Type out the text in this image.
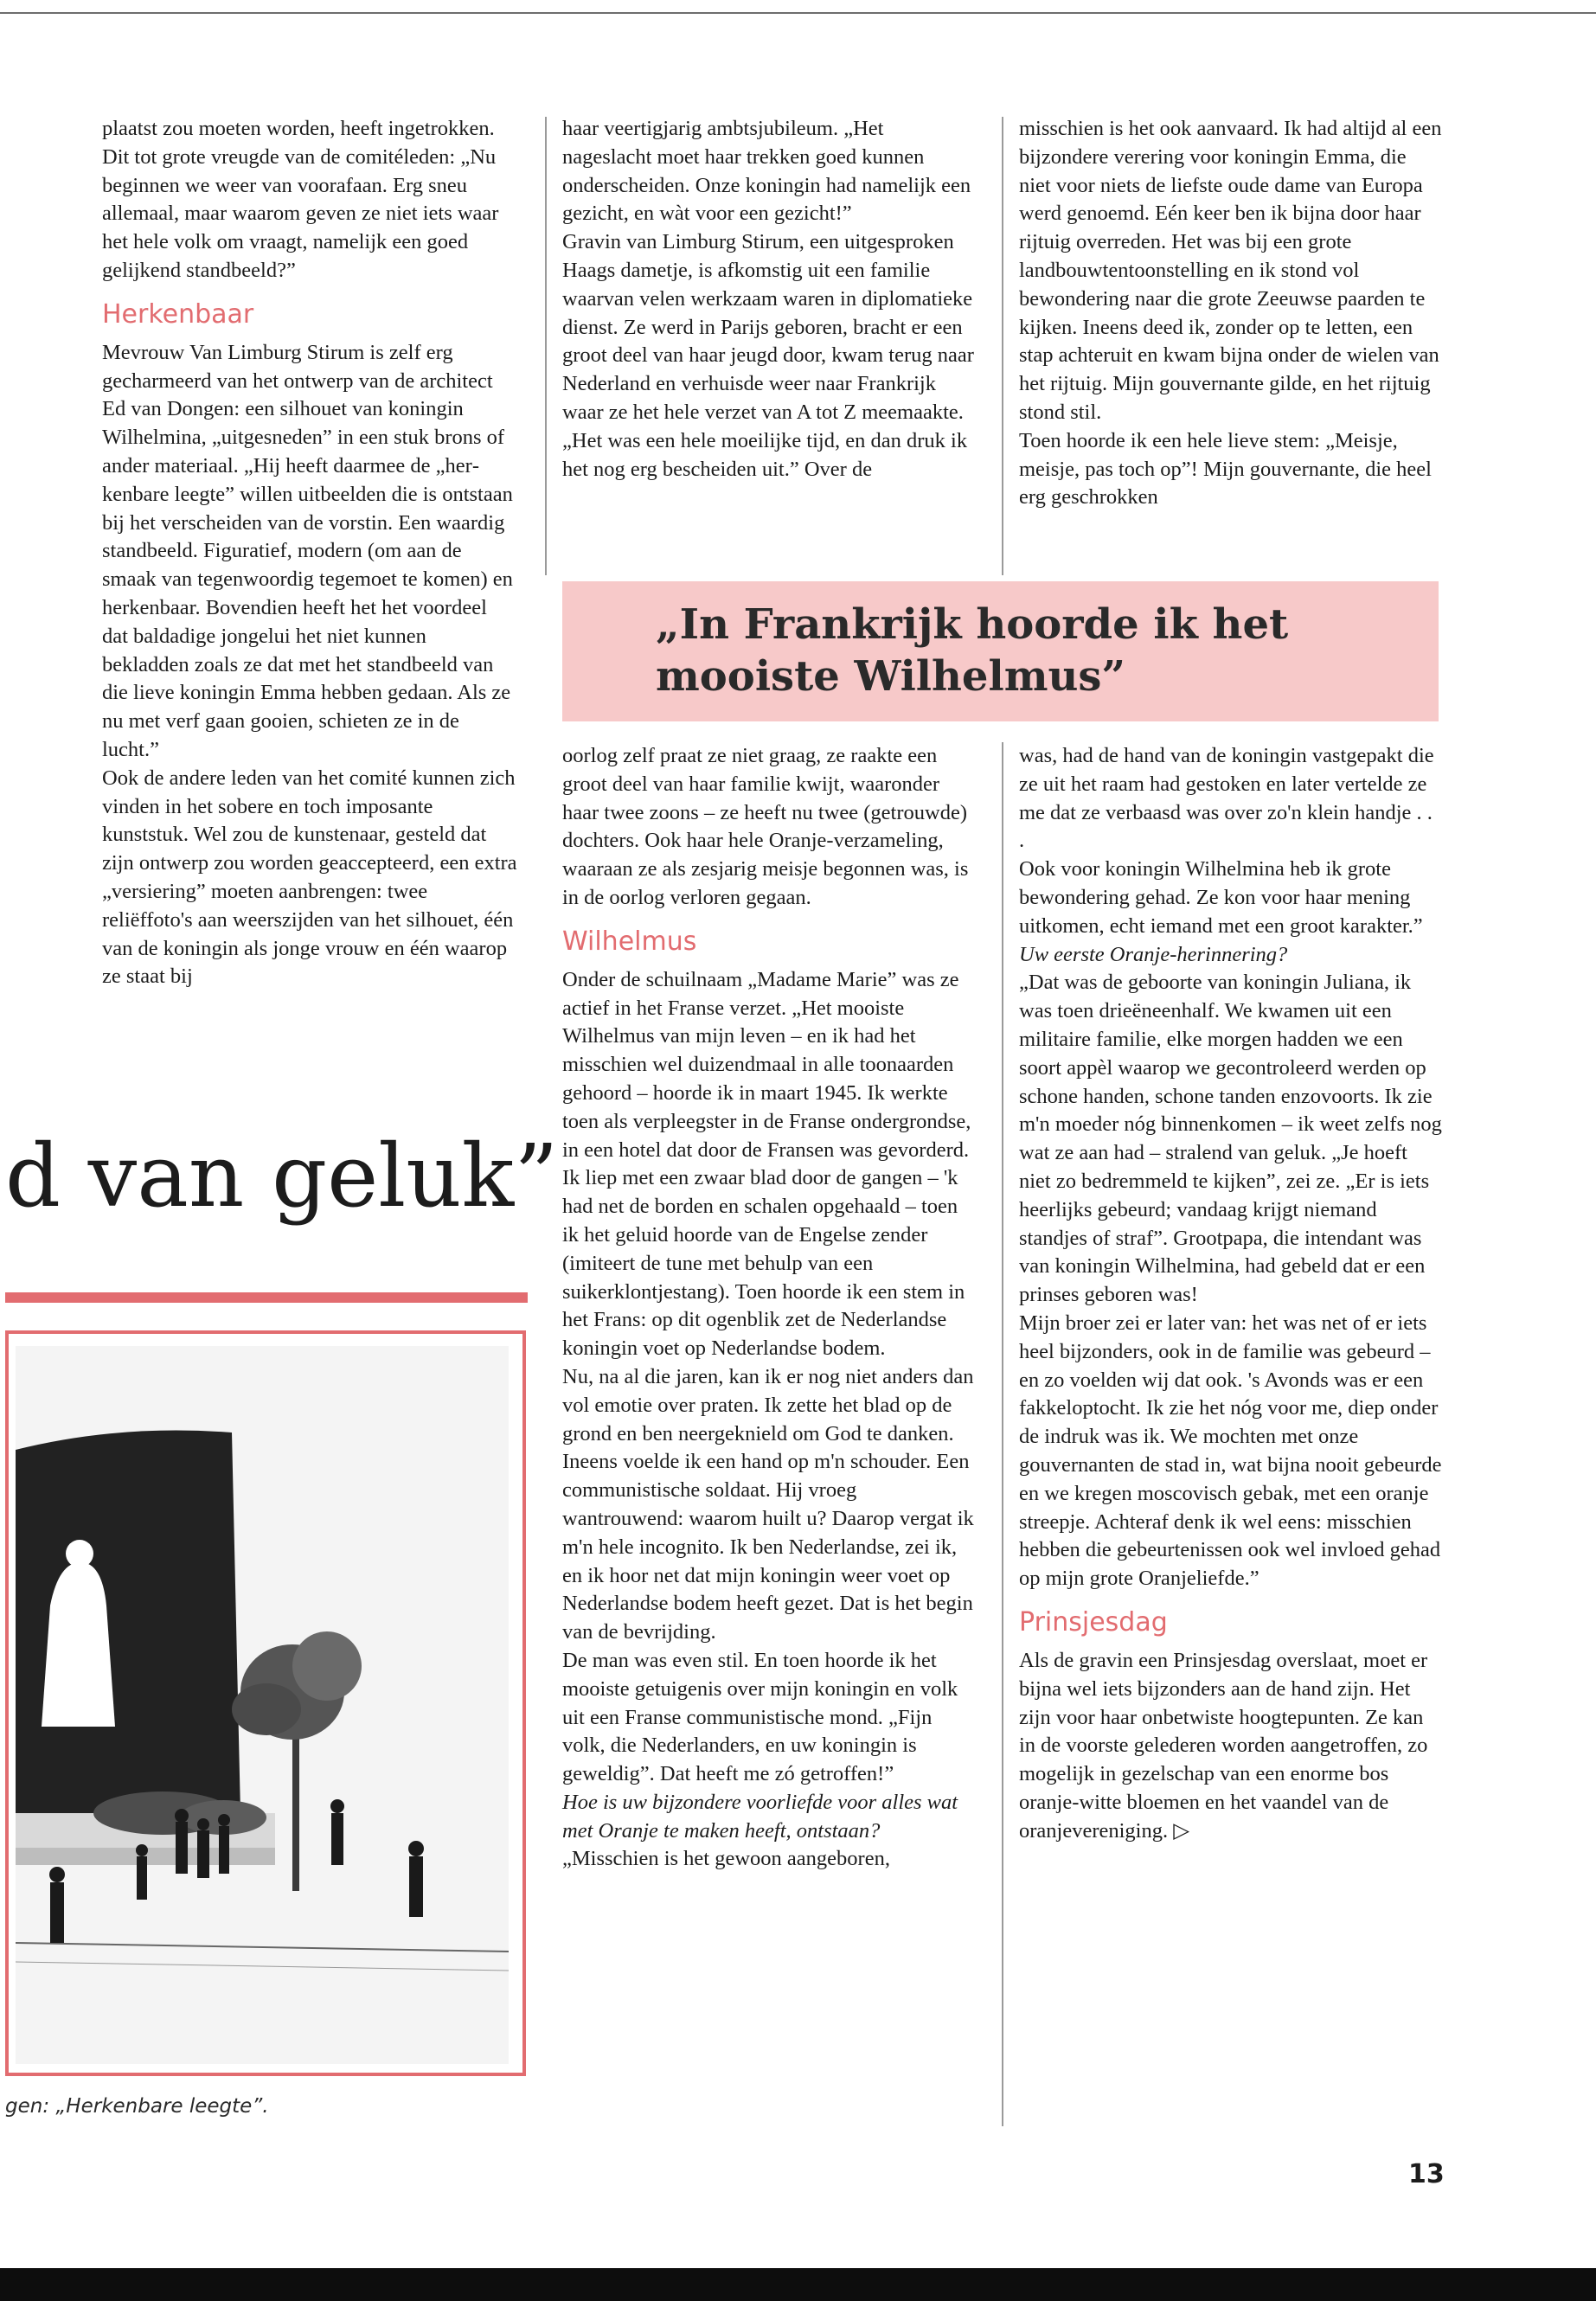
plaatst zou moeten worden, heeft ingetrokken. Dit tot grote vreugde van de comitéleden: „Nu beginnen we weer van voorafaan. Erg sneu allemaal, maar waarom geven ze niet iets waar het hele volk om vraagt, namelijk een goed gelijkend standbeeld?”

Herkenbaar

Mevrouw Van Limburg Stirum is zelf erg gecharmeerd van het ontwerp van de architect Ed van Dongen: een silhouet van koningin Wilhelmina, „uitgesneden” in een stuk brons of ander materiaal. „Hij heeft daarmee de „herkenbare leegte” willen uitbeelden die is ontstaan bij het verscheiden van de vorstin. Een waardig standbeeld. Figuratief, modern (om aan de smaak van tegenwoordig tegemoet te komen) en herkenbaar. Bovendien heeft het het voordeel dat baldadige jongelui het niet kunnen bekladden zoals ze dat met het standbeeld van die lieve koningin Emma hebben gedaan. Als ze nu met verf gaan gooien, schieten ze in de lucht.”

Ook de andere leden van het comité kunnen zich vinden in het sobere en toch imposante kunststuk. Wel zou de kunstenaar, gesteld dat zijn ontwerp zou worden geaccepteerd, een extra „versiering” moeten aanbrengen: twee reliëffoto's aan weerszijden van het silhouet, één van de koningin als jonge vrouw en één waarop ze staat bij

haar veertigjarig ambtsjubileum. „Het nageslacht moet haar trekken goed kunnen onderscheiden. Onze koningin had namelijk een gezicht, en wàt voor een gezicht!”

Gravin van Limburg Stirum, een uitgesproken Haags dametje, is afkomstig uit een familie waarvan velen werkzaam waren in diplomatieke dienst. Ze werd in Parijs geboren, bracht er een groot deel van haar jeugd door, kwam terug naar Nederland en verhuisde weer naar Frankrijk waar ze het hele verzet van A tot Z meemaakte. „Het was een hele moeilijke tijd, en dan druk ik het nog erg bescheiden uit.” Over de

misschien is het ook aanvaard. Ik had altijd al een bijzondere verering voor koningin Emma, die niet voor niets de liefste oude dame van Europa werd genoemd. Eén keer ben ik bijna door haar rijtuig overreden. Het was bij een grote landbouwtentoonstelling en ik stond vol bewondering naar die grote Zeeuwse paarden te kijken. Ineens deed ik, zonder op te letten, een stap achteruit en kwam bijna onder de wielen van het rijtuig. Mijn gouvernante gilde, en het rijtuig stond stil.

Toen hoorde ik een hele lieve stem: „Meisje, meisje, pas toch op”! Mijn gouvernante, die heel erg geschrokken

„In Frankrijk hoorde ik het mooiste Wilhelmus”

oorlog zelf praat ze niet graag, ze raakte een groot deel van haar familie kwijt, waaronder haar twee zoons – ze heeft nu twee (getrouwde) dochters. Ook haar hele Oranje-verzameling, waaraan ze als zesjarig meisje begonnen was, is in de oorlog verloren gegaan.

Wilhelmus

Onder de schuilnaam „Madame Marie” was ze actief in het Franse verzet. „Het mooiste Wilhelmus van mijn leven – en ik had het misschien wel duizendmaal in alle toonaarden gehoord – hoorde ik in maart 1945. Ik werkte toen als verpleegster in de Franse ondergrondse, in een hotel dat door de Fransen was gevorderd. Ik liep met een zwaar blad door de gangen – 'k had net de borden en schalen opgehaald – toen ik het geluid hoorde van de Engelse zender (imiteert de tune met behulp van een suikerklontjestang). Toen hoorde ik een stem in het Frans: op dit ogenblik zet de Nederlandse koningin voet op Nederlandse bodem.

Nu, na al die jaren, kan ik er nog niet anders dan vol emotie over praten. Ik zette het blad op de grond en ben neergeknield om God te danken. Ineens voelde ik een hand op m'n schouder. Een communistische soldaat. Hij vroeg wantrouwend: waarom huilt u? Daarop vergat ik m'n hele incognito. Ik ben Nederlandse, zei ik, en ik hoor net dat mijn koningin weer voet op Nederlandse bodem heeft gezet. Dat is het begin van de bevrijding.

De man was even stil. En toen hoorde ik het mooiste getuigenis over mijn koningin en volk uit een Franse communistische mond. „Fijn volk, die Nederlanders, en uw koningin is geweldig”. Dat heeft me zó getroffen!”

Hoe is uw bijzondere voorliefde voor alles wat met Oranje te maken heeft, ontstaan?

„Misschien is het gewoon aangeboren,

was, had de hand van de koningin vastgepakt die ze uit het raam had gestoken en later vertelde ze me dat ze verbaasd was over zo'n klein handje . . .

Ook voor koningin Wilhelmina heb ik grote bewondering gehad. Ze kon voor haar mening uitkomen, echt iemand met een groot karakter.”

Uw eerste Oranje-herinnering?

„Dat was de geboorte van koningin Juliana, ik was toen drieëneenhalf. We kwamen uit een militaire familie, elke morgen hadden we een soort appèl waarop we gecontroleerd werden op schone handen, schone tanden enzovoorts. Ik zie m'n moeder nóg binnenkomen – ik weet zelfs nog wat ze aan had – stralend van geluk. „Je hoeft niet zo bedremmeld te kijken”, zei ze. „Er is iets heerlijks gebeurd; vandaag krijgt niemand standjes of straf”. Grootpapa, die intendant was van koningin Wilhelmina, had gebeld dat er een prinses geboren was!

Mijn broer zei er later van: het was net of er iets heel bijzonders, ook in de familie was gebeurd – en zo voelden wij dat ook. 's Avonds was er een fakkeloptocht. Ik zie het nóg voor me, diep onder de indruk was ik. We mochten met onze gouvernanten de stad in, wat bijna nooit gebeurde en we kregen moscovisch gebak, met een oranje streepje. Achteraf denk ik wel eens: misschien hebben die gebeurtenissen ook wel invloed gehad op mijn grote Oranjeliefde.”

Prinsjesdag

Als de gravin een Prinsjesdag overslaat, moet er bijna wel iets bijzonders aan de hand zijn. Het zijn voor haar onbetwiste hoogtepunten. Ze kan in de voorste gelederen worden aangetroffen, zo mogelijk in gezelschap van een enorme bos oranje-witte bloemen en het vaandel van de oranjevereniging. ▷

d van geluk”
gen: „Herkenbare leegte”.
13
